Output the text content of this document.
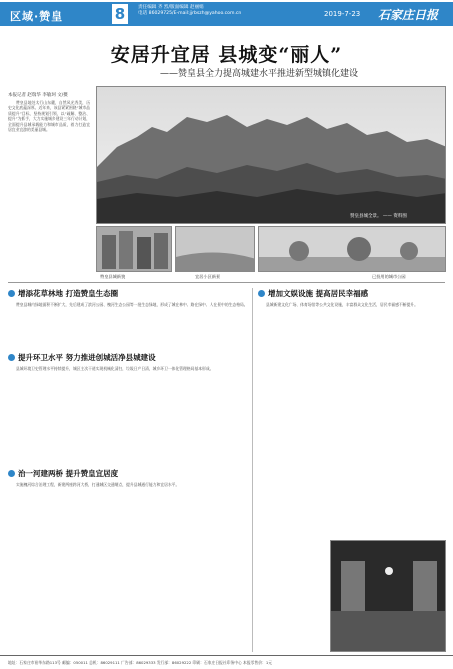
区域·赞皇	8	责任编辑 齐 烈/版面编辑 赵丽娟
电话 86029725/E-mail:jjrbszh@yahoo.com.cn	2019-7-23 石家庄日报
安居升宜居 县城变“丽人”
——赞皇县全力提高城建水平推进新型城镇化建设
本报记者 赵瑞华 李敏珂 文/摄

赞皇县地处太行山东麓，自然风光秀美，历史文化底蕴深厚。近年来，该县紧紧围绕“城市品质提升”目标，坚持规划引领，以“疏解、整治、提升”为抓手，大力实施城乡建设三年行动计划，全面提升县城承载能力和城市品质，着力打造宜居宜业宜游的美丽县城。

赞皇县城全景。 —— 资料图
赞皇县城新貌	宜居小区新景	已投用的城市公园
增添花草林地 打造赞皇生态圈

赞皇县城内绿地面积不断扩大，先后建成了滨河公园、槐河生态公园等一批生态绿地，形成了城在林中、路在绿中、人在景中的生态格局。

提升环卫水平 努力推进创城活净县城建设

县城环境卫史管理水平持续提升，城区主次干道实现机械化清扫，垃圾日产日清，城乡环卫一体化管理格局基本形成。

治一河建两桥 提升赞皇宜居度

实施槐河综合治理工程，新建两座跨河大桥，打通城区交通堵点，提升县城通行能力和宜居水平。

增加文娱设施 提高居民幸福感

县城新建文化广场、体育场馆等公共文化设施，丰富群众文化生活，居民幸福感不断提升。

地址：石家庄市裕华东路113号 邮编：050011 总机：86029111 广告部：86029333 发行部：86029222 印刷：石家庄日报社印务中心 本报零售价：1元
